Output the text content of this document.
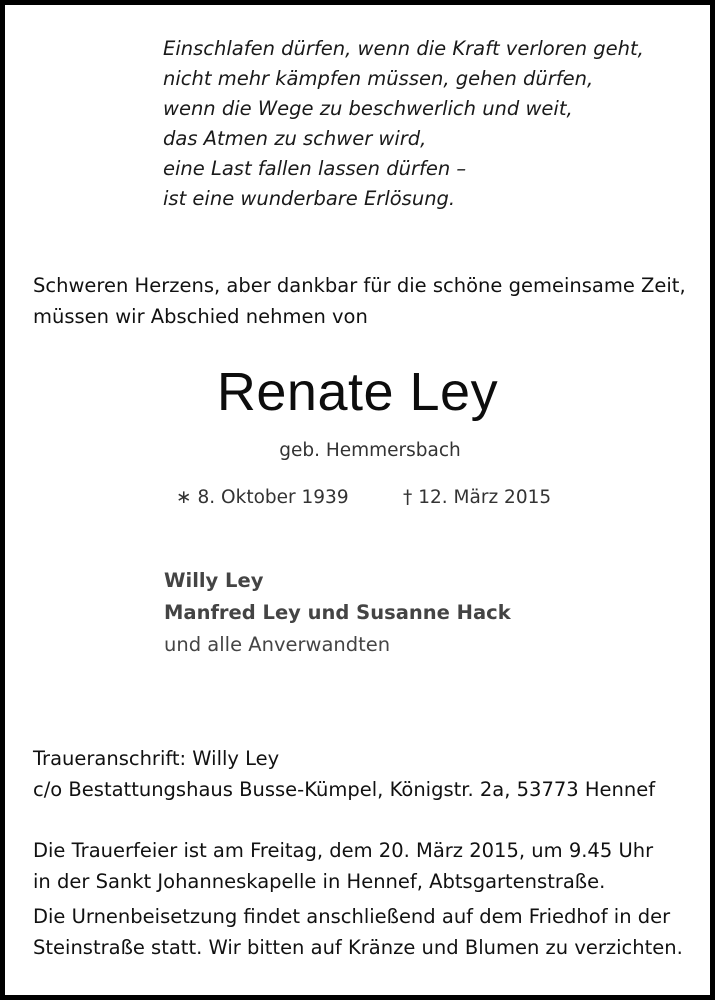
Einschlafen dürfen, wenn die Kraft verloren geht,
nicht mehr kämpfen müssen, gehen dürfen,
wenn die Wege zu beschwerlich und weit,
das Atmen zu schwer wird,
eine Last fallen lassen dürfen –
ist eine wunderbare Erlösung.
Schweren Herzens, aber dankbar für die schöne gemeinsame Zeit,
müssen wir Abschied nehmen von
Renate Ley
geb. Hemmersbach
∗ 8. Oktober 1939	† 12. März 2015
Willy Ley
Manfred Ley und Susanne Hack
und alle Anverwandten
Traueranschrift: Willy Ley
c/o Bestattungshaus Busse-Kümpel, Königstr. 2a, 53773 Hennef
Die Trauerfeier ist am Freitag, dem 20. März 2015, um 9.45 Uhr
in der Sankt Johanneskapelle in Hennef, Abtsgartenstraße.
Die Urnenbeisetzung findet anschließend auf dem Friedhof in der
Steinstraße statt. Wir bitten auf Kränze und Blumen zu verzichten.
